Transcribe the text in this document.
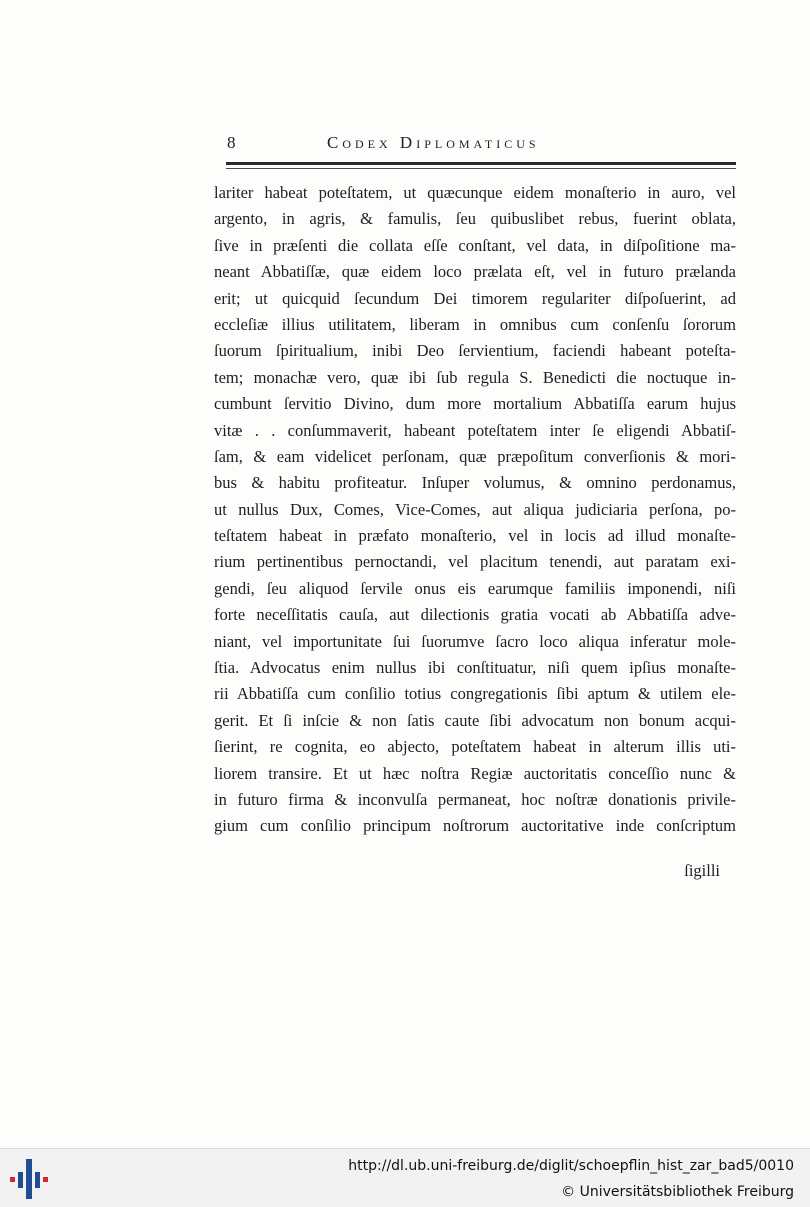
8	Codex Diplomaticus
lariter habeat poteſtatem, ut quæcunque eidem monaſterio in auro, vel
argento, in agris, & famulis, ſeu quibuslibet rebus, fuerint oblata,
ſive in præſenti die collata eſſe conſtant, vel data, in diſpoſitione ma-
neant Abbatiſſæ, quæ eidem loco prælata eſt, vel in futuro prælanda
erit; ut quicquid ſecundum Dei timorem regulariter diſpoſuerint, ad
eccleſiæ illius utilitatem, liberam in omnibus cum conſenſu ſororum
ſuorum ſpiritualium, inibi Deo ſervientium, faciendi habeant poteſta-
tem; monachæ vero, quæ ibi ſub regula S. Benedicti die noctuque in-
cumbunt ſervitio Divino, dum more mortalium Abbatiſſa earum hujus
vitæ . . conſummaverit, habeant poteſtatem inter ſe eligendi Abbatiſ-
ſam, & eam videlicet perſonam, quæ præpoſitum converſionis & mori-
bus & habitu profiteatur. Inſuper volumus, & omnino perdonamus,
ut nullus Dux, Comes, Vice-Comes, aut aliqua judiciaria perſona, po-
teſtatem habeat in præfato monaſterio, vel in locis ad illud monaſte-
rium pertinentibus pernoctandi, vel placitum tenendi, aut paratam exi-
gendi, ſeu aliquod ſervile onus eis earumque familiis imponendi, niſi
forte neceſſitatis cauſa, aut dilectionis gratia vocati ab Abbatiſſa adve-
niant, vel importunitate ſui ſuorumve ſacro loco aliqua inferatur mole-
ſtia. Advocatus enim nullus ibi conſtituatur, niſi quem ipſius monaſte-
rii Abbatiſſa cum conſilio totius congregationis ſibi aptum & utilem ele-
gerit. Et ſi inſcie & non ſatis caute ſibi advocatum non bonum acqui-
ſierint, re cognita, eo abjecto, poteſtatem habeat in alterum illis uti-
liorem transire. Et ut hæc noſtra Regiæ auctoritatis conceſſio nunc &
in futuro firma & inconvulſa permaneat, hoc noſtræ donationis privile-
gium cum conſilio principum noſtrorum auctoritative inde conſcriptum
ſigilli
http://dl.ub.uni-freiburg.de/diglit/schoepflin_hist_zar_bad5/0010
© Universitätsbibliothek Freiburg
